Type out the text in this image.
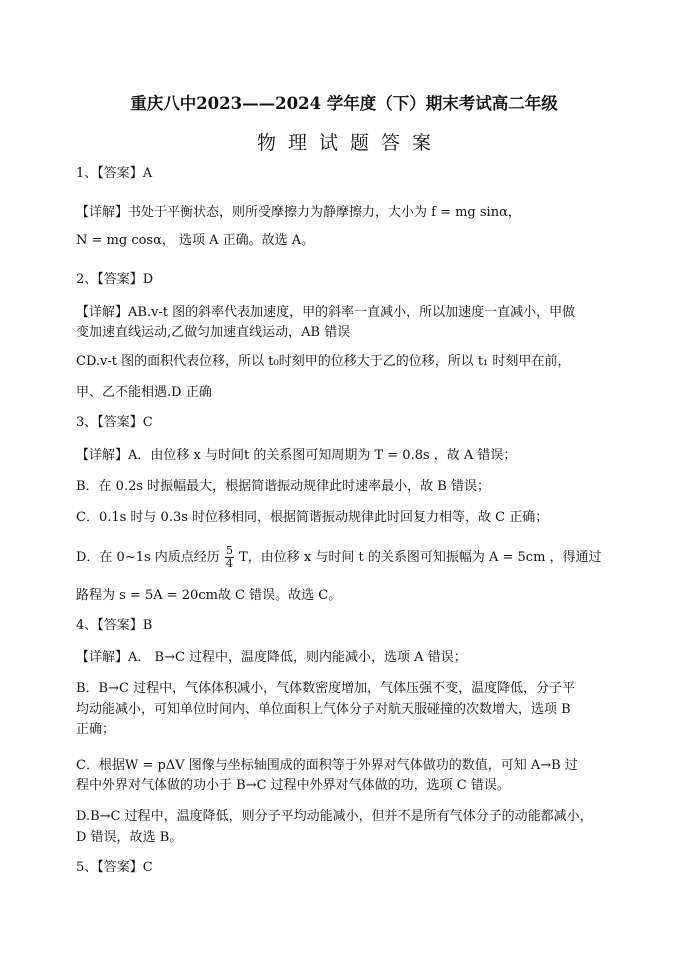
重庆八中2023——2024 学年度（下）期末考试高二年级
物理试题答案
1、【答案】A
【详解】书处于平衡状态，则所受摩擦力为静摩擦力，大小为 f = mg sinα，
N = mg cosα， 选项 A 正确。故选 A。
2、【答案】D
【详解】AB.v-t 图的斜率代表加速度，甲的斜率一直减小，所以加速度一直减小，甲做
变加速直线运动,乙做匀加速直线运动，AB 错误
CD.v-t 图的面积代表位移，所以 t₀时刻甲的位移大于乙的位移，所以 t₁ 时刻甲在前，
甲、乙不能相遇.D 正确
3、【答案】C
【详解】A．由位移 x 与时间t 的关系图可知周期为 T = 0.8s ，故 A 错误；
B．在 0.2s 时振幅最大，根据简谐振动规律此时速率最小，故 B 错误；
C．0.1s 时与 0.3s 时位移相同，根据简谐振动规律此时回复力相等，故 C 正确；
D．在 0~1s 内质点经历 $\frac{5}{4}$ T，由位移 x 与时间 t 的关系图可知振幅为 A = 5cm ，得通过
路程为 s = 5A = 20cm故 C 错误。故选 C。
4、【答案】B
【详解】A． B→C 过程中，温度降低，则内能减小，选项 A 错误；
B．B→C 过程中，气体体积减小，气体数密度增加，气体压强不变，温度降低，分子平
均动能减小，可知单位时间内、单位面积上气体分子对航天服碰撞的次数增大，选项 B
正确；
C．根据W = pΔV 图像与坐标轴围成的面积等于外界对气体做功的数值，可知 A→B 过
程中外界对气体做的功小于 B→C 过程中外界对气体做的功，选项 C 错误。
D.B→C 过程中，温度降低，则分子平均动能减小，但并不是所有气体分子的动能都减小，
D 错误，故选 B。
5、【答案】C
